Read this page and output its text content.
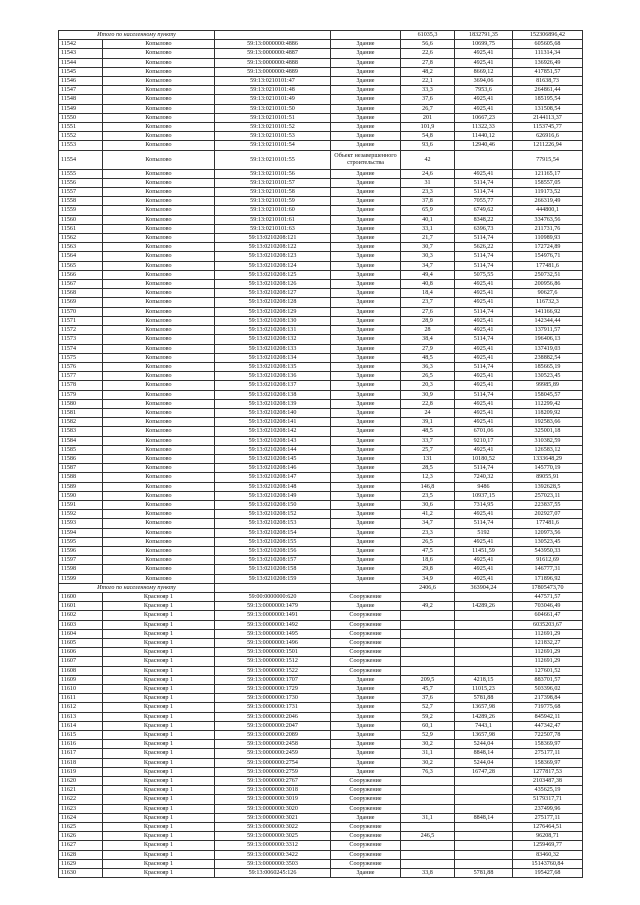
Итого по населенному пункту				61035,3	1832791,35	152306896,42
11542	Копылово	59:13:0000000:4886	Здание	56,6	10699,75	605605,68
11543	Копылово	59:13:0000000:4887	Здание	22,6	4925,41	111314,34
11544	Копылово	59:13:0000000:4888	Здание	27,8	4925,41	136926,49
11545	Копылово	59:13:0000000:4889	Здание	48,2	8669,12	417851,57
11546	Копылово	59:13:0210101:47	Здание	22,1	3694,06	81638,73
11547	Копылово	59:13:0210101:48	Здание	33,3	7953,6	264861,44
11548	Копылово	59:13:0210101:49	Здание	37,6	4925,41	185195,54
11549	Копылово	59:13:0210101:50	Здание	26,7	4925,41	131508,54
11550	Копылово	59:13:0210101:51	Здание	201	10667,23	2144113,37
11551	Копылово	59:13:0210101:52	Здание	101,9	11322,33	1153745,77
11552	Копылово	59:13:0210101:53	Здание	54,8	11440,12	626916,6
11553	Копылово	59:13:0210101:54	Здание	93,6	12940,46	1211226,94
11554	Копылово	59:13:0210101:55	Объект незавершенного строительства	42		77915,54
11555	Копылово	59:13:0210101:56	Здание	24,6	4925,41	121165,17
11556	Копылово	59:13:0210101:57	Здание	31	5114,74	158557,05
11557	Копылово	59:13:0210101:58	Здание	23,3	5114,74	119173,52
11558	Копылово	59:13:0210101:59	Здание	37,8	7055,77	266319,49
11559	Копылово	59:13:0210101:60	Здание	65,9	6749,62	444800,1
11560	Копылово	59:13:0210101:61	Здание	40,1	8348,22	334763,56
11561	Копылово	59:13:0210101:63	Здание	33,1	6396,73	211731,76
11562	Копылово	59:13:0210208:121	Здание	21,7	5114,74	110989,93
11563	Копылово	59:13:0210208:122	Здание	30,7	5626,22	172724,89
11564	Копылово	59:13:0210208:123	Здание	30,3	5114,74	154976,71
11565	Копылово	59:13:0210208:124	Здание	34,7	5114,74	177481,6
11566	Копылово	59:13:0210208:125	Здание	49,4	5075,55	250732,51
11567	Копылово	59:13:0210208:126	Здание	40,8	4925,41	200956,86
11568	Копылово	59:13:0210208:127	Здание	18,4	4925,41	90627,6
11569	Копылово	59:13:0210208:128	Здание	23,7	4925,41	116732,3
11570	Копылово	59:13:0210208:129	Здание	27,6	5114,74	141166,92
11571	Копылово	59:13:0210208:130	Здание	28,9	4925,41	142344,44
11572	Копылово	59:13:0210208:131	Здание	28	4925,41	137911,57
11573	Копылово	59:13:0210208:132	Здание	38,4	5114,74	196406,13
11574	Копылово	59:13:0210208:133	Здание	27,9	4925,41	137419,03
11575	Копылово	59:13:0210208:134	Здание	48,5	4925,41	238882,54
11576	Копылово	59:13:0210208:135	Здание	36,3	5114,74	185665,19
11577	Копылово	59:13:0210208:136	Здание	26,5	4925,41	130523,45
11578	Копылово	59:13:0210208:137	Здание	20,3	4925,41	99985,89
11579	Копылово	59:13:0210208:138	Здание	30,9	5114,74	158045,57
11580	Копылово	59:13:0210208:139	Здание	22,8	4925,41	112299,42
11581	Копылово	59:13:0210208:140	Здание	24	4925,41	118209,92
11582	Копылово	59:13:0210208:141	Здание	39,1	4925,41	192583,66
11583	Копылово	59:13:0210208:142	Здание	48,5	6701,06	325001,18
11584	Копылово	59:13:0210208:143	Здание	33,7	9210,17	310382,59
11585	Копылово	59:13:0210208:144	Здание	25,7	4925,41	126583,12
11586	Копылово	59:13:0210208:145	Здание	131	10180,52	1333648,29
11587	Копылово	59:13:0210208:146	Здание	28,5	5114,74	145770,19
11588	Копылово	59:13:0210208:147	Здание	12,3	7240,32	89055,91
11589	Копылово	59:13:0210208:148	Здание	146,8	9486	1392628,5
11590	Копылово	59:13:0210208:149	Здание	23,5	10937,15	257023,11
11591	Копылово	59:13:0210208:150	Здание	30,6	7314,95	223837,55
11592	Копылово	59:13:0210208:152	Здание	41,2	4925,41	202927,07
11593	Копылово	59:13:0210208:153	Здание	34,7	5114,74	177481,6
11594	Копылово	59:13:0210208:154	Здание	23,3	5192	120973,56
11595	Копылово	59:13:0210208:155	Здание	26,5	4925,41	130523,45
11596	Копылово	59:13:0210208:156	Здание	47,5	11451,59	543950,33
11597	Копылово	59:13:0210208:157	Здание	18,6	4925,41	91612,69
11598	Копылово	59:13:0210208:158	Здание	29,8	4925,41	146777,31
11599	Копылово	59:13:0210208:159	Здание	34,9	4925,41	171896,92
Итого по населенному пункту				2406,6	363904,24	17805473,70
11600	Краснояр 1	59:00:0000000:620	Сооружение			447571,57
11601	Краснояр 1	59:13:0000000:1479	Здание	49,2	14289,26	703046,49
11602	Краснояр 1	59:13:0000000:1491	Сооружение			604661,47
11603	Краснояр 1	59:13:0000000:1492	Сооружение			6035203,67
11604	Краснояр 1	59:13:0000000:1495	Сооружение			112691,29
11605	Краснояр 1	59:13:0000000:1496	Сооружение			121832,27
11606	Краснояр 1	59:13:0000000:1501	Сооружение			112691,29
11607	Краснояр 1	59:13:0000000:1512	Сооружение			112691,29
11608	Краснояр 1	59:13:0000000:1522	Сооружение			127601,52
11609	Краснояр 1	59:13:0000000:1707	Здание	209,5	4218,15	883701,57
11610	Краснояр 1	59:13:0000000:1729	Здание	45,7	11015,23	503396,02
11611	Краснояр 1	59:13:0000000:1730	Здание	37,6	5781,88	217398,84
11612	Краснояр 1	59:13:0000000:1731	Здание	52,7	13657,98	719775,68
11613	Краснояр 1	59:13:0000000:2046	Здание	59,2	14289,26	845942,11
11614	Краснояр 1	59:13:0000000:2047	Здание	60,1	7443,1	447342,47
11615	Краснояр 1	59:13:0000000:2089	Здание	52,9	13657,98	722507,78
11616	Краснояр 1	59:13:0000000:2458	Здание	30,2	5244,04	158369,97
11617	Краснояр 1	59:13:0000000:2459	Здание	31,1	8848,14	275177,11
11618	Краснояр 1	59:13:0000000:2754	Здание	30,2	5244,04	158369,97
11619	Краснояр 1	59:13:0000000:2759	Здание	76,3	16747,28	1277817,53
11620	Краснояр 1	59:13:0000000:2767	Сооружение			2103487,38
11621	Краснояр 1	59:13:0000000:3018	Сооружение			435625,19
11622	Краснояр 1	59:13:0000000:3019	Сооружение			5179317,71
11623	Краснояр 1	59:13:0000000:3020	Сооружение			237499,96
11624	Краснояр 1	59:13:0000000:3021	Здание	31,1	8848,14	275177,11
11625	Краснояр 1	59:13:0000000:3022	Сооружение			1276464,51
11626	Краснояр 1	59:13:0000000:3025	Сооружение	246,5		96208,71
11627	Краснояр 1	59:13:0000000:3312	Сооружение			1259469,77
11628	Краснояр 1	59:13:0000000:3422	Сооружение			83460,32
11629	Краснояр 1	59:13:0000000:3503	Сооружение			15143760,84
11630	Краснояр 1	59:13:0060245:126	Здание	33,8	5781,88	195427,68
